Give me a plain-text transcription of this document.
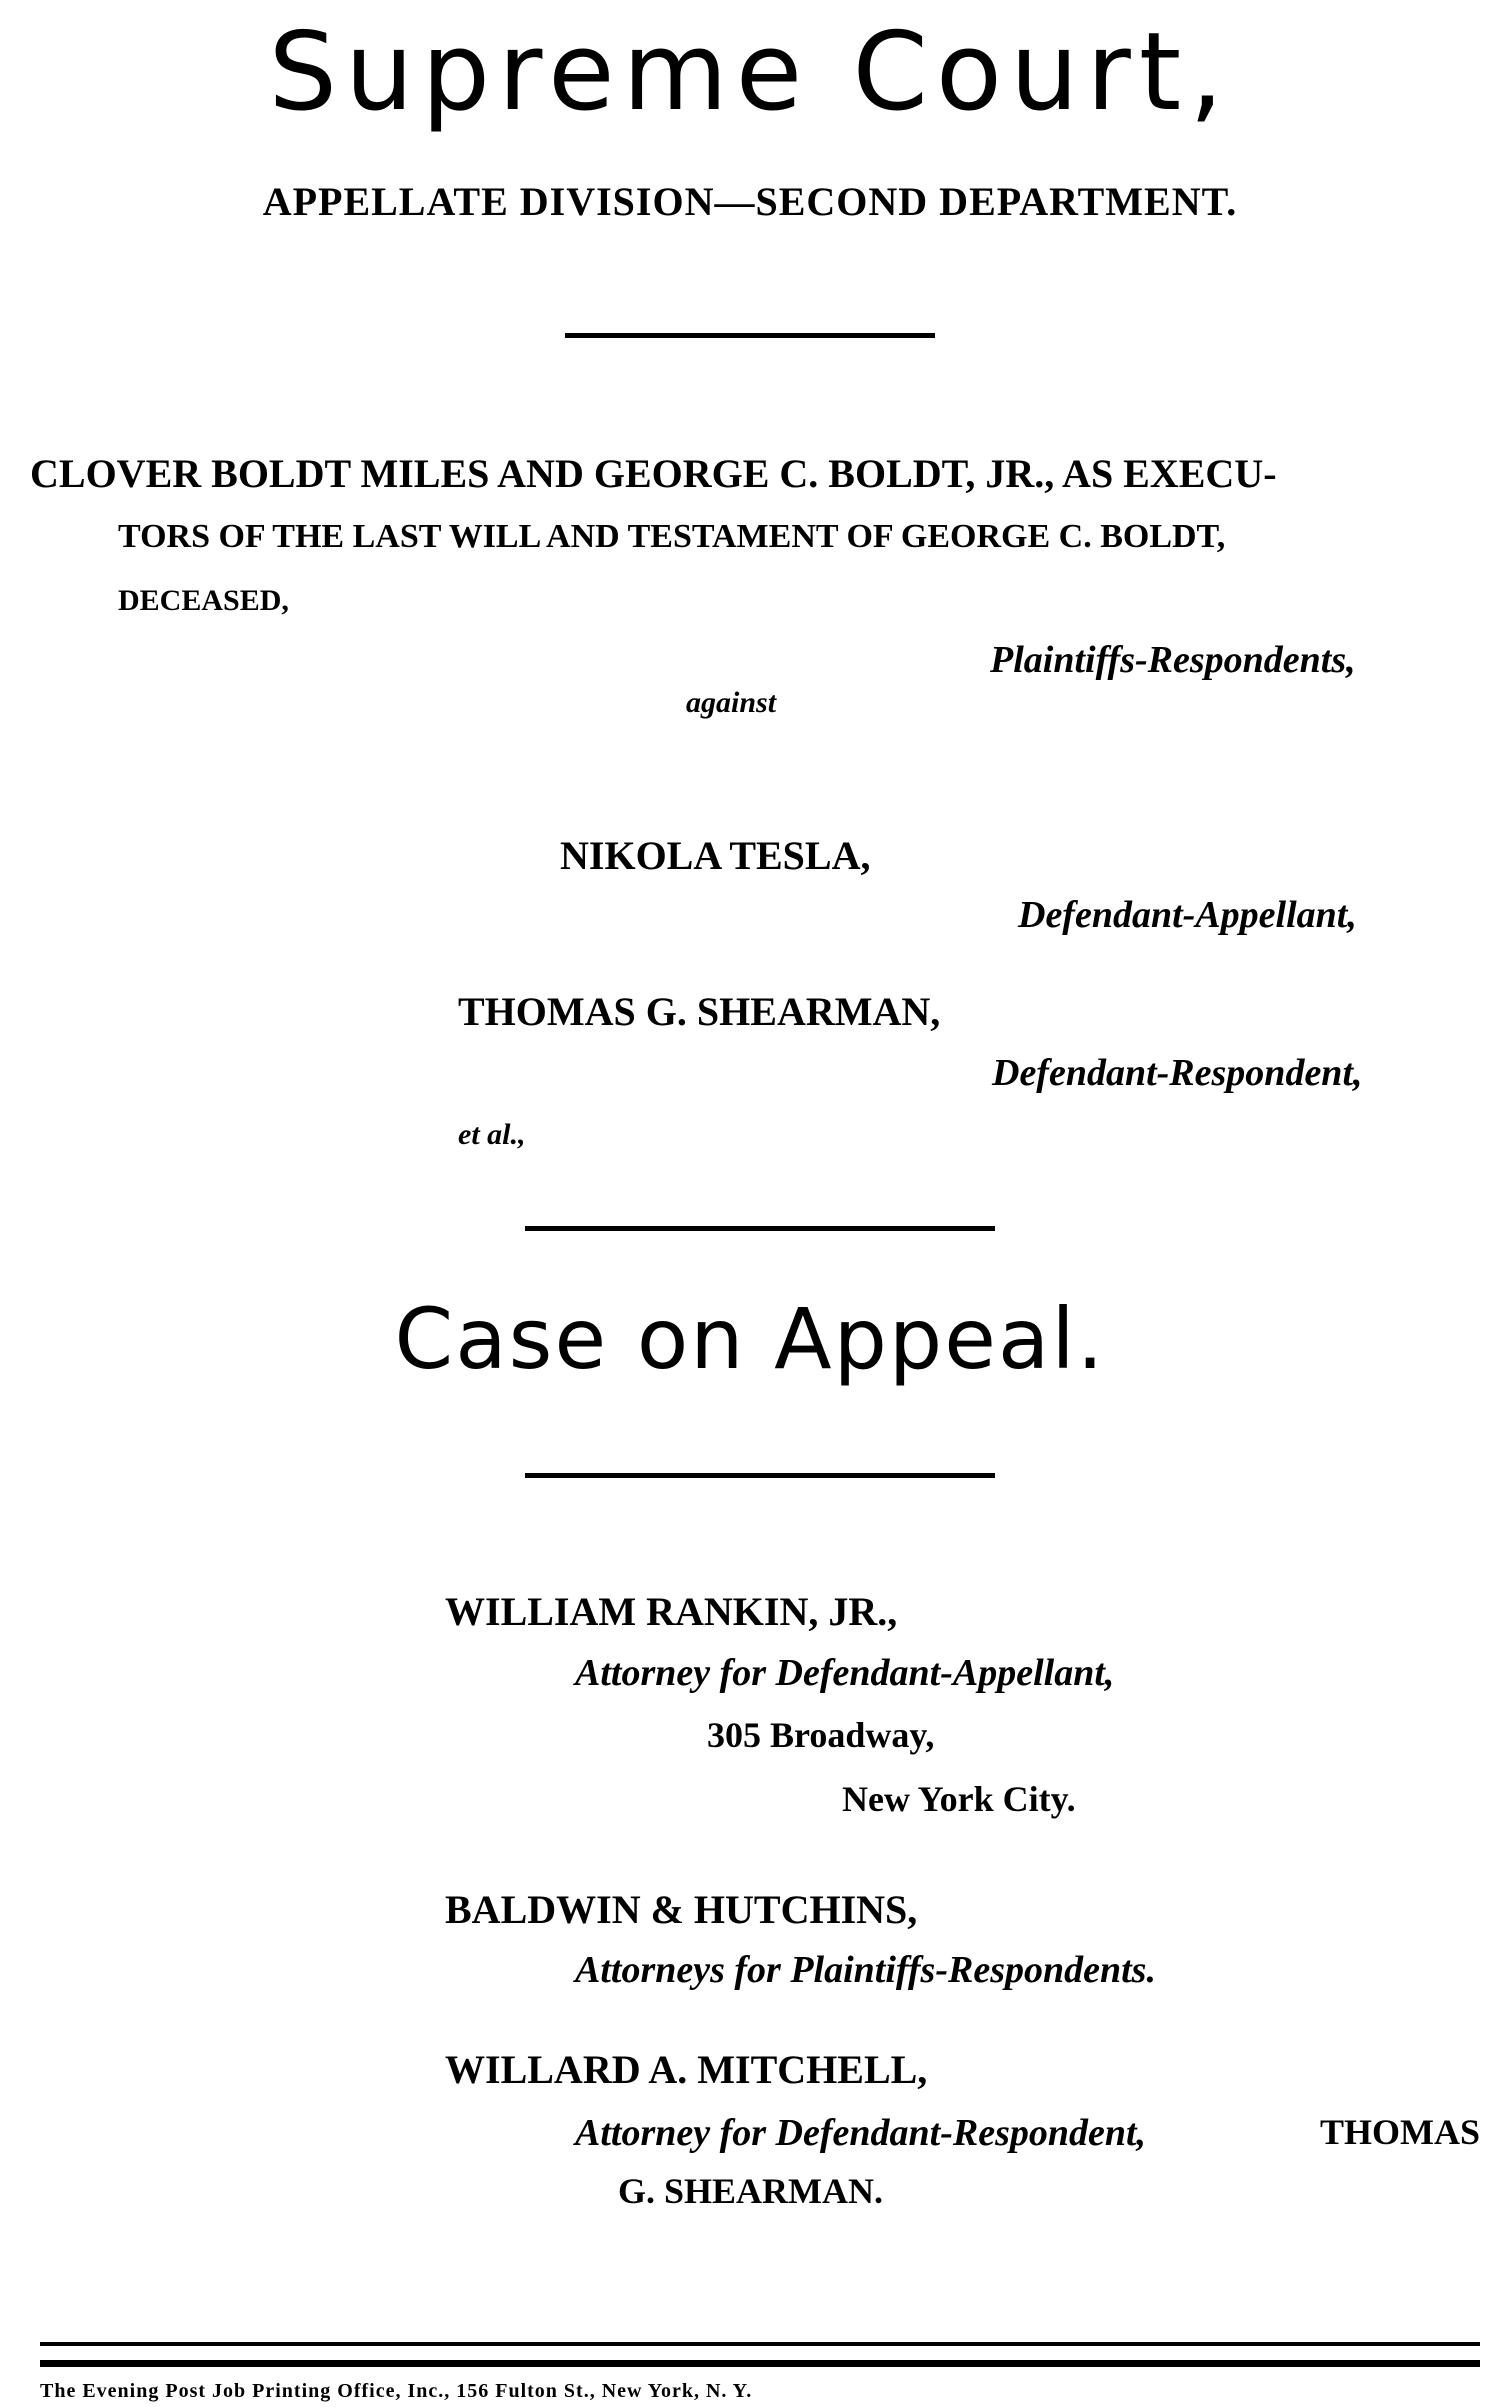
Supreme Court,
APPELLATE DIVISION—SECOND DEPARTMENT.
CLOVER BOLDT MILES AND GEORGE C. BOLDT, JR., AS EXECU-
TORS OF THE LAST WILL AND TESTAMENT OF GEORGE C. BOLDT,
DECEASED,
Plaintiffs-Respondents,
against
NIKOLA TESLA,
Defendant-Appellant,
THOMAS G. SHEARMAN,
Defendant-Respondent,
et al.,
Case on Appeal.
WILLIAM RANKIN, JR.,
Attorney for Defendant-Appellant,
305 Broadway,
New York City.
BALDWIN & HUTCHINS,
Attorneys for Plaintiffs-Respondents.
WILLARD A. MITCHELL,
Attorney for Defendant-Respondent,	THOMAS
G. SHEARMAN.
The Evening Post Job Printing Office, Inc., 156 Fulton St., New York, N. Y.
